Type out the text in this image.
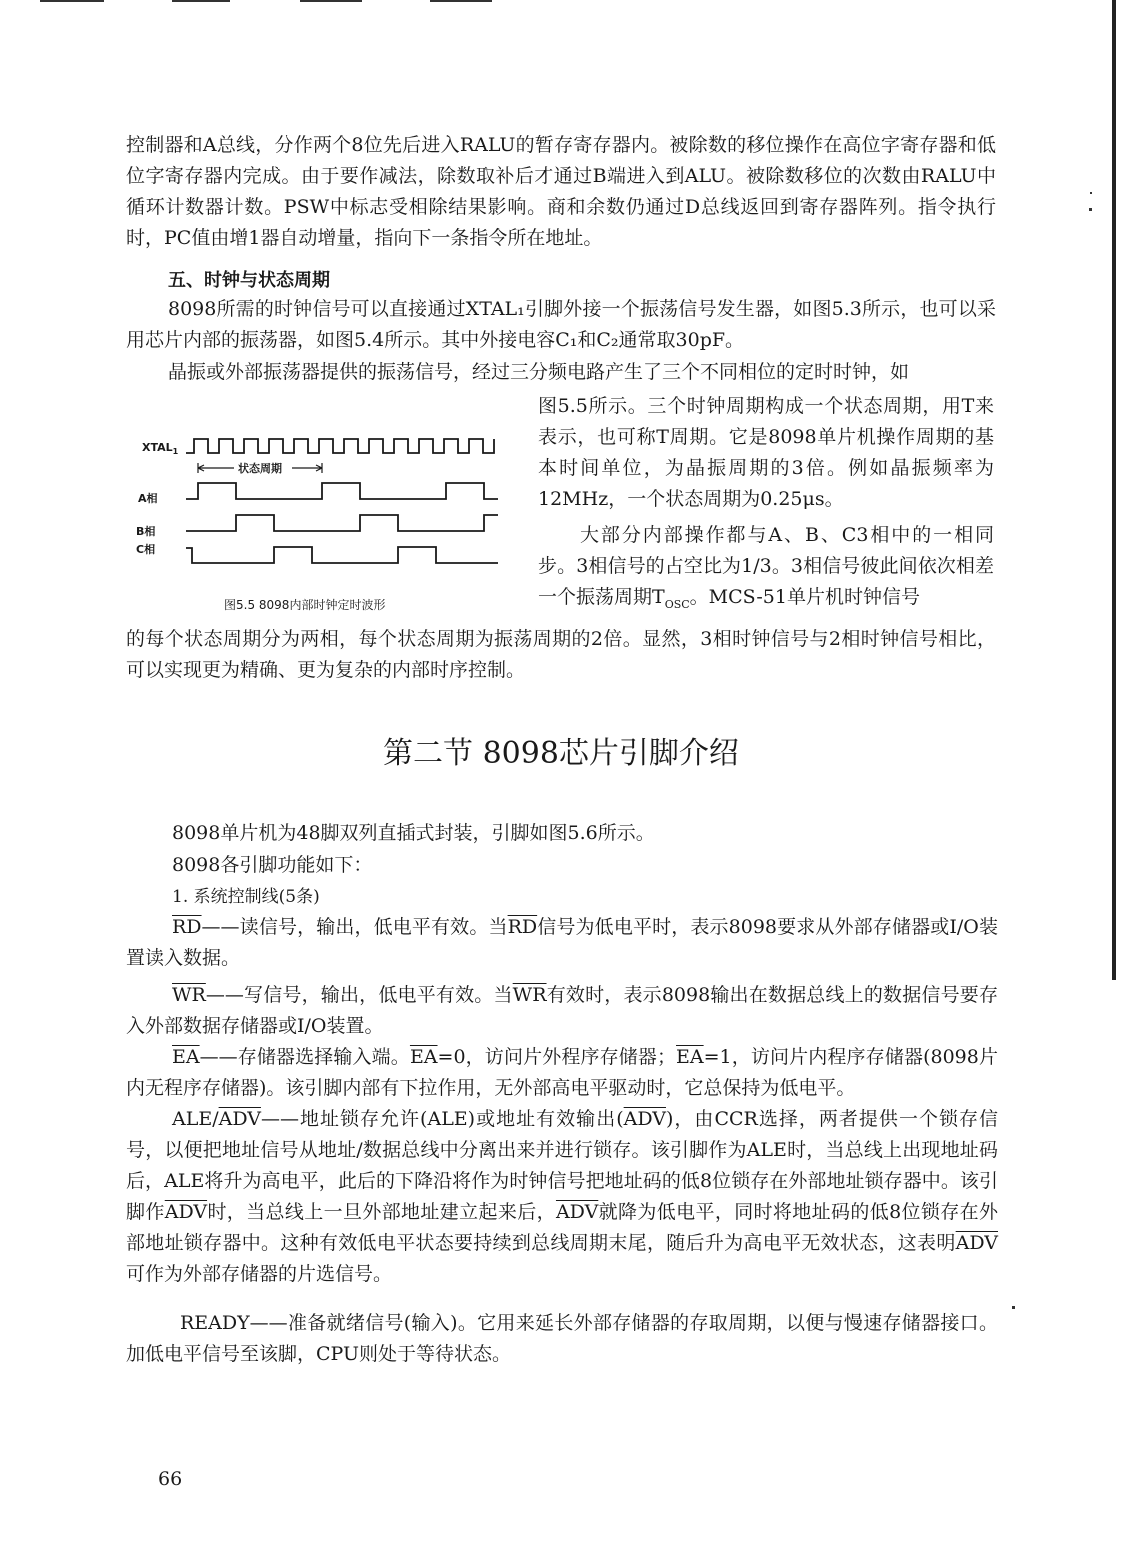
控制器和A总线，分作两个8位先后进入RALU的暂存寄存器内。被除数的移位操作在高位字寄存器和低位字寄存器内完成。由于要作减法，除数取补后才通过B端进入到ALU。被除数移位的次数由RALU中循环计数器计数。PSW中标志受相除结果影响。商和余数仍通过D总线返回到寄存器阵列。指令执行时，PC值由增1器自动增量，指向下一条指令所在地址。

五、时钟与状态周期

8098所需的时钟信号可以直接通过XTAL₁引脚外接一个振荡信号发生器，如图5.3所示，也可以采用芯片内部的振荡器，如图5.4所示。其中外接电容C₁和C₂通常取30pF。

晶振或外部振荡器提供的振荡信号，经过三分频电路产生了三个不同相位的定时时钟，如

图5.5所示。三个时钟周期构成一个状态周期，用T来表示，也可称T周期。它是8098单片机操作周期的基本时间单位，为晶振周期的3倍。例如晶振频率为12MHz，一个状态周期为0.25μs。

大部分内部操作都与A、B、C3相中的一相同步。3相信号的占空比为1/3。3相信号彼此间依次相差一个振荡周期$T_{OSC}$。MCS-51单片机时钟信号

$XTAL_1$
A相
B相
C相
状态周期
图5.5 8098内部时钟定时波形

的每个状态周期分为两相，每个状态周期为振荡周期的2倍。显然，3相时钟信号与2相时钟信号相比，可以实现更为精确、更为复杂的内部时序控制。

第二节 8098芯片引脚介绍

8098单片机为48脚双列直插式封装，引脚如图5.6所示。

8098各引脚功能如下：

1. 系统控制线(5条)

$\overline{RD}——$读信号，输出，低电平有效。当$\overline{RD}$信号为低电平时，表示8098要求从外部存储器或I/O装置读入数据。

$\overline{WR}——$写信号，输出，低电平有效。当$\overline{WR}$有效时，表示8098输出在数据总线上的数据信号要存入外部数据存储器或I/O装置。

$\overline{EA}——$存储器选择输入端。$\overline{EA}=0$，访问片外程序存储器；$\overline{EA}=1$，访问片内程序存储器(8098片内无程序存储器)。该引脚内部有下拉作用，无外部高电平驱动时，它总保持为低电平。

ALE/$\overline{ADV}——$地址锁存允许(ALE)或地址有效输出$(\overline{ADV})$，由CCR选择，两者提供一个锁存信号，以便把地址信号从地址/数据总线中分离出来并进行锁存。该引脚作为ALE时，当总线上出现地址码后，ALE将升为高电平，此后的下降沿将作为时钟信号把地址码的低8位锁存在外部地址锁存器中。该引脚作$\overline{ADV}$时，当总线上一旦外部地址建立起来后，$\overline{ADV}$就降为低电平，同时将地址码的低8位锁存在外部地址锁存器中。这种有效低电平状态要持续到总线周期末尾，随后升为高电平无效状态，这表明$\overline{ADV}$可作为外部存储器的片选信号。

READY——准备就绪信号(输入)。它用来延长外部存储器的存取周期，以便与慢速存储器接口。加低电平信号至该脚，CPU则处于等待状态。

66
